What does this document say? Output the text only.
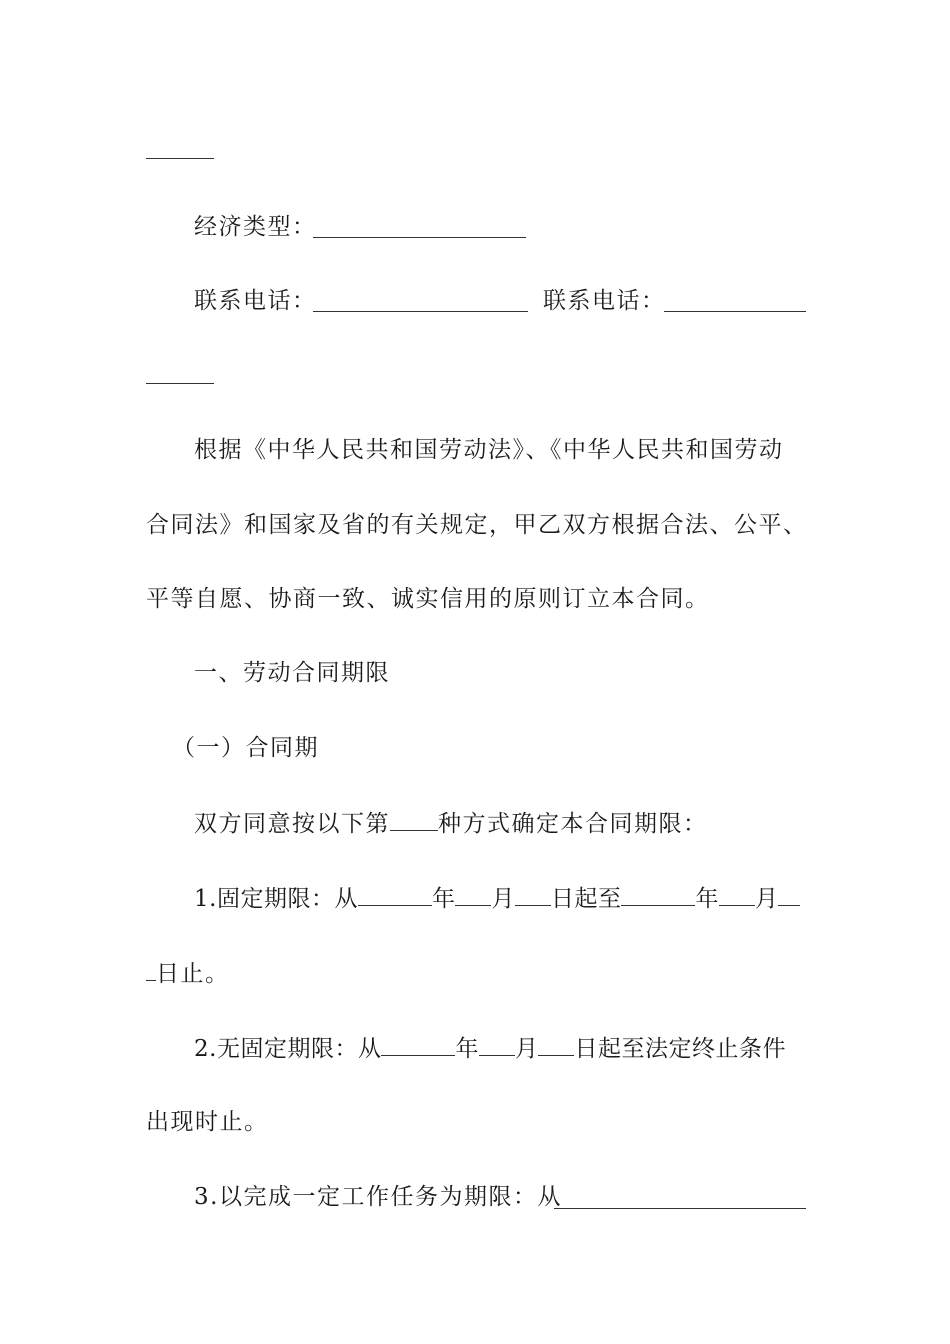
经济类型：
联系电话：	联系电话：
根据《中华人民共和国劳动法》、《中华人民共和国劳动
合同法》和国家及省的有关规定，甲乙双方根据合法、公平、
平等自愿、协商一致、诚实信用的原则订立本合同。
一、劳动合同期限
（一）合同期
双方同意按以下第 种方式确定本合同期限：
1.固定期限：从	年 月 日起至	年 月
日止。
2.无固定期限：从	年 月 日起至法定终止条件
出现时止。
3.以完成一定工作任务为期限：从
